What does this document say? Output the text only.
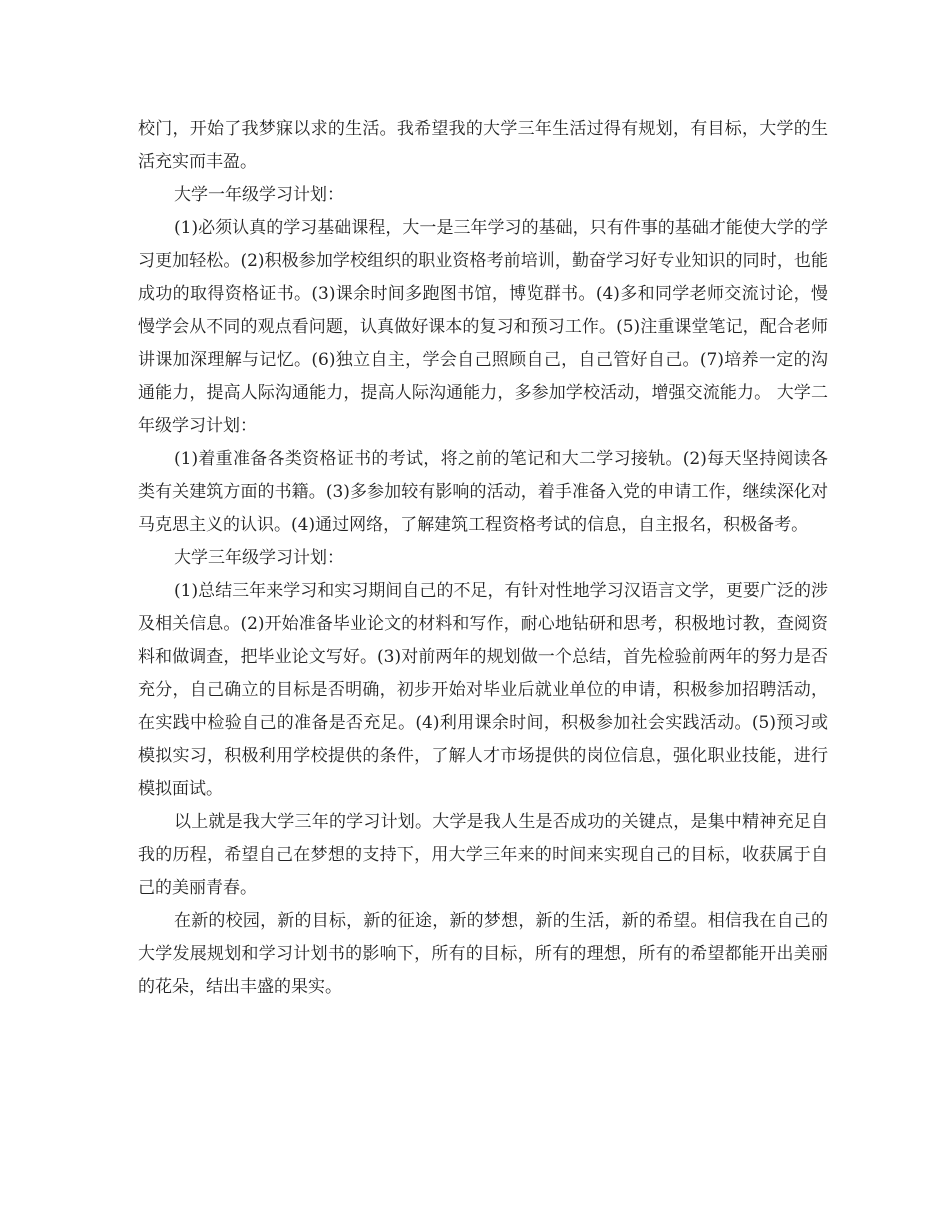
校门，开始了我梦寐以求的生活。我希望我的大学三年生活过得有规划，有目标，大学的生活充实而丰盈。

大学一年级学习计划：

(1)必须认真的学习基础课程，大一是三年学习的基础，只有件事的基础才能使大学的学习更加轻松。(2)积极参加学校组织的职业资格考前培训，勤奋学习好专业知识的同时，也能成功的取得资格证书。(3)课余时间多跑图书馆，博览群书。(4)多和同学老师交流讨论，慢慢学会从不同的观点看问题，认真做好课本的复习和预习工作。(5)注重课堂笔记，配合老师讲课加深理解与记忆。(6)独立自主，学会自己照顾自己，自己管好自己。(7)培养一定的沟通能力，提高人际沟通能力，提高人际沟通能力，多参加学校活动，增强交流能力。 大学二年级学习计划：

(1)着重准备各类资格证书的考试，将之前的笔记和大二学习接轨。(2)每天坚持阅读各类有关建筑方面的书籍。(3)多参加较有影响的活动，着手准备入党的申请工作，继续深化对马克思主义的认识。(4)通过网络，了解建筑工程资格考试的信息，自主报名，积极备考。

大学三年级学习计划：

(1)总结三年来学习和实习期间自己的不足，有针对性地学习汉语言文学，更要广泛的涉及相关信息。(2)开始准备毕业论文的材料和写作，耐心地钻研和思考，积极地讨教，查阅资料和做调查，把毕业论文写好。(3)对前两年的规划做一个总结，首先检验前两年的努力是否充分，自己确立的目标是否明确，初步开始对毕业后就业单位的申请，积极参加招聘活动，在实践中检验自己的准备是否充足。(4)利用课余时间，积极参加社会实践活动。(5)预习或模拟实习，积极利用学校提供的条件，了解人才市场提供的岗位信息，强化职业技能，进行模拟面试。

以上就是我大学三年的学习计划。大学是我人生是否成功的关键点，是集中精神充足自我的历程，希望自己在梦想的支持下，用大学三年来的时间来实现自己的目标，收获属于自己的美丽青春。

在新的校园，新的目标，新的征途，新的梦想，新的生活，新的希望。相信我在自己的大学发展规划和学习计划书的影响下，所有的目标，所有的理想，所有的希望都能开出美丽的花朵，结出丰盛的果实。
